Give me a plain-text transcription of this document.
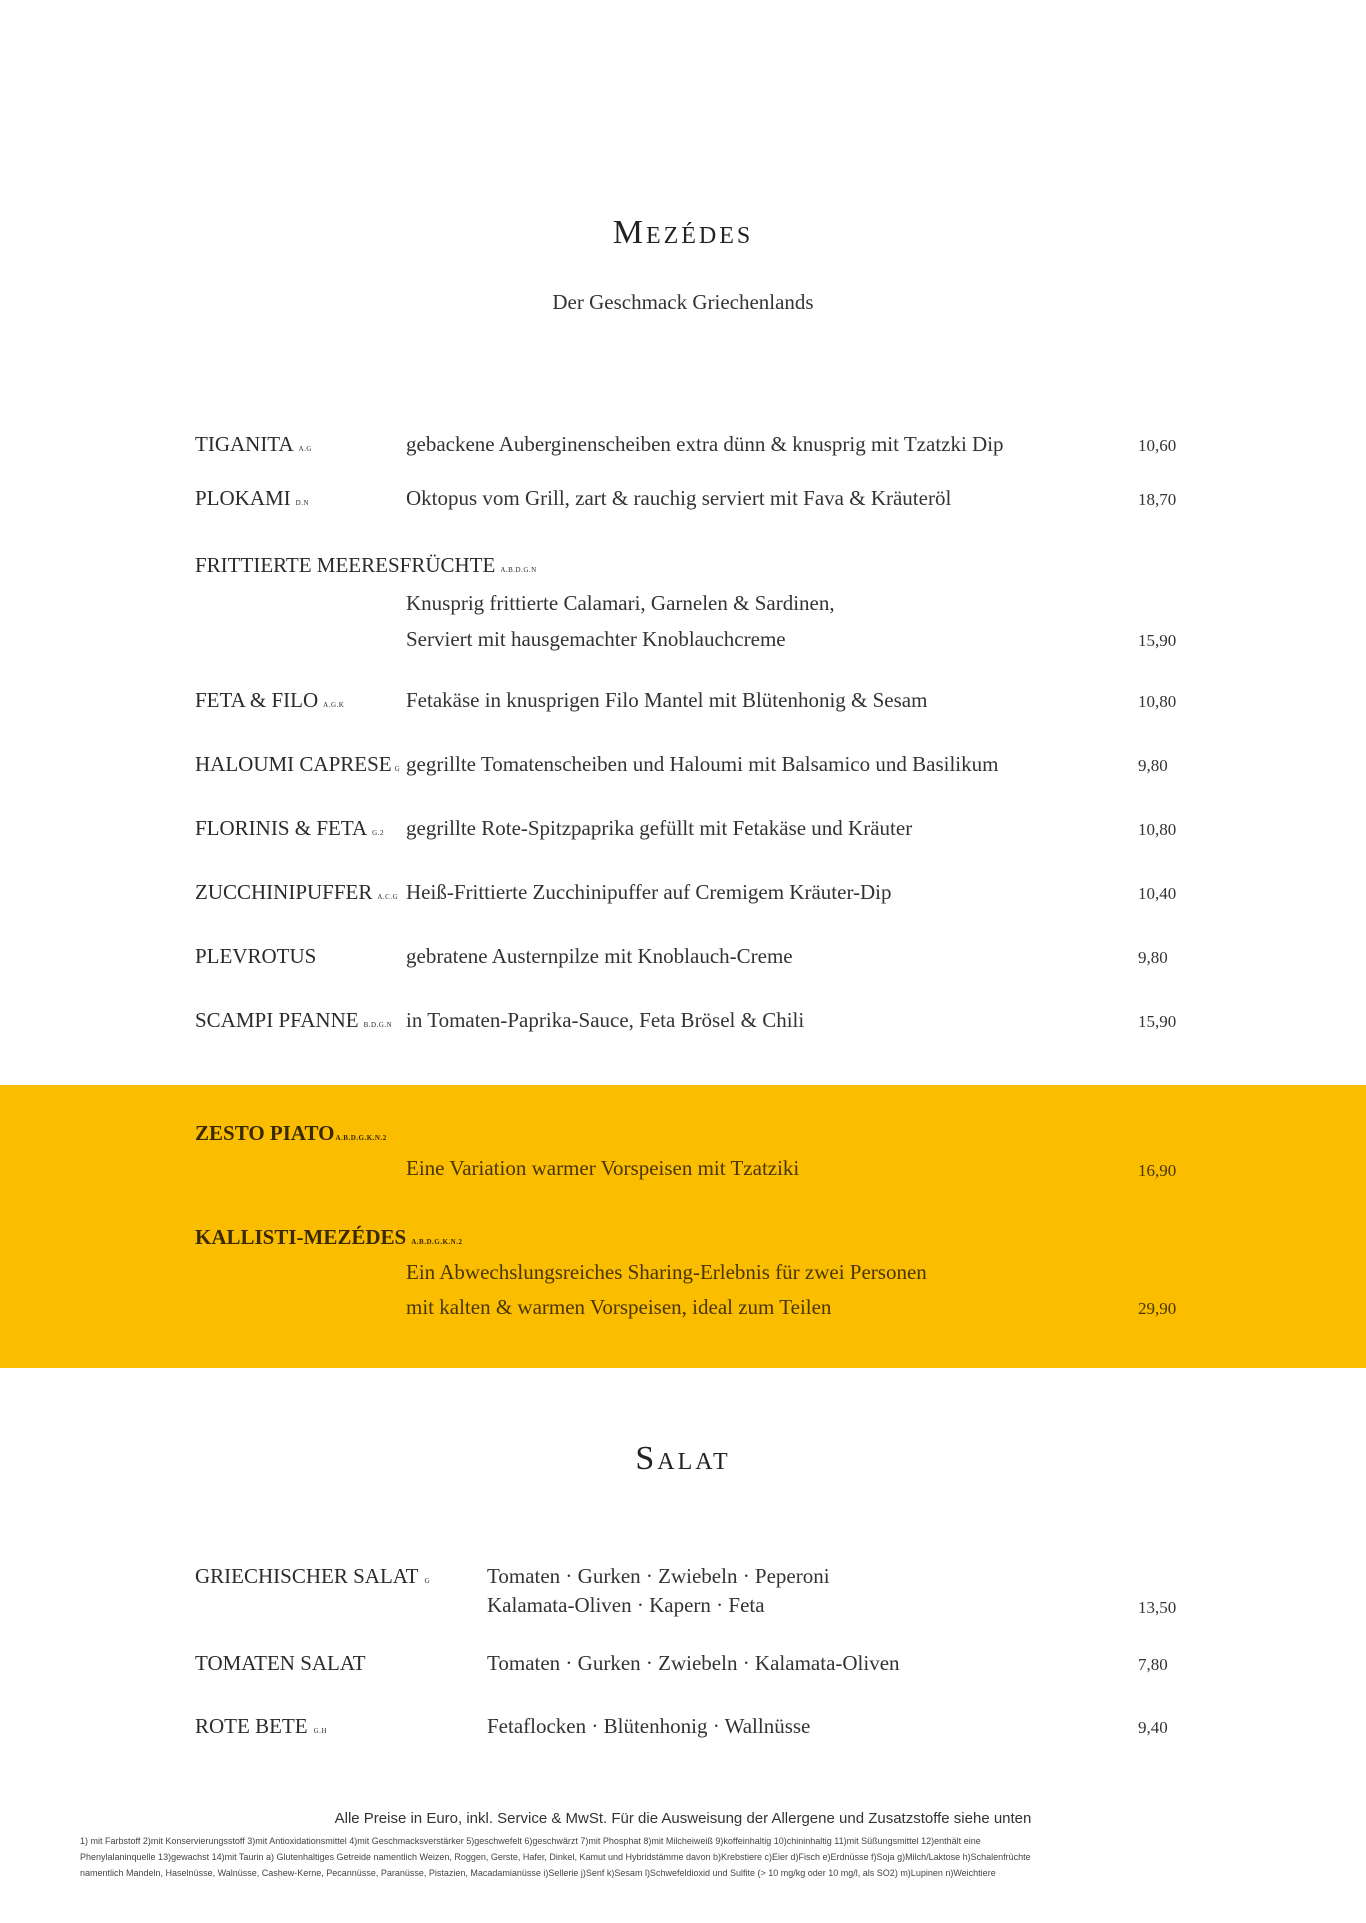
Mezédes
Der Geschmack Griechenlands
TIGANITA A.G	gebackene Auberginenscheiben extra dünn & knusprig mit Tzatzki Dip	10,60
PLOKAMI D.N	Oktopus vom Grill, zart & rauchig serviert mit Fava & Kräuteröl	18,70
FRITTIERTE MEERESFRÜCHTE A.B.D.G.N
Knusprig frittierte Calamari, Garnelen & Sardinen,
Serviert mit hausgemachter Knoblauchcreme	15,90
FETA & FILO A.G.K	Fetakäse in knusprigen Filo Mantel mit Blütenhonig & Sesam	10,80
HALOUMI CAPRESE G gegrillte Tomatenscheiben und Haloumi mit Balsamico und Basilikum	9,80
FLORINIS & FETA G.2 gegrillte Rote-Spitzpaprika gefüllt mit Fetakäse und Kräuter	10,80
ZUCCHINIPUFFER A.C.G Heiß-Frittierte Zucchinipuffer auf Cremigem Kräuter-Dip	10,40
PLEVROTUS	gebratene Austernpilze mit Knoblauch-Creme	9,80
SCAMPI PFANNE B.D.G.N in Tomaten-Paprika-Sauce, Feta Brösel & Chili	15,90
ZESTO PIATOA.B.D.G.K.N.2
Eine Variation warmer Vorspeisen mit Tzatziki	16,90
KALLISTI-MEZÉDES A.B.D.G.K.N.2
Ein Abwechslungsreiches Sharing-Erlebnis für zwei Personen
mit kalten & warmen Vorspeisen, ideal zum Teilen	29,90
Salat
GRIECHISCHER SALAT G	Tomaten · Gurken · Zwiebeln · Peperoni
Kalamata-Oliven · Kapern · Feta	13,50
TOMATEN SALAT	Tomaten · Gurken · Zwiebeln · Kalamata-Oliven	7,80
ROTE BETE G.H	Fetaflocken · Blütenhonig · Wallnüsse	9,40
Alle Preise in Euro, inkl. Service & MwSt. Für die Ausweisung der Allergene und Zusatzstoffe siehe unten
1) mit Farbstoff 2)mit Konservierungsstoff 3)mit Antioxidationsmittel 4)mit Geschmacksverstärker 5)geschwefelt 6)geschwärzt 7)mit Phosphat 8)mit Milcheiweiß 9)koffeinhaltig 10)chininhaltig 11)mit Süßungsmittel 12)enthält eine
Phenylalaninquelle 13)gewachst 14)mit Taurin a) Glutenhaltiges Getreide namentlich Weizen, Roggen, Gerste, Hafer, Dinkel, Kamut und Hybridstämme davon b)Krebstiere c)Eier d)Fisch e)Erdnüsse f)Soja g)Milch/Laktose h)Schalenfrüchte
namentlich Mandeln, Haselnüsse, Walnüsse, Cashew-Kerne, Pecannüsse, Paranüsse, Pistazien, Macadamianüsse i)Sellerie j)Senf k)Sesam l)Schwefeldioxid und Sulfite (> 10 mg/kg oder 10 mg/l, als SO2) m)Lupinen n)Weichtiere
